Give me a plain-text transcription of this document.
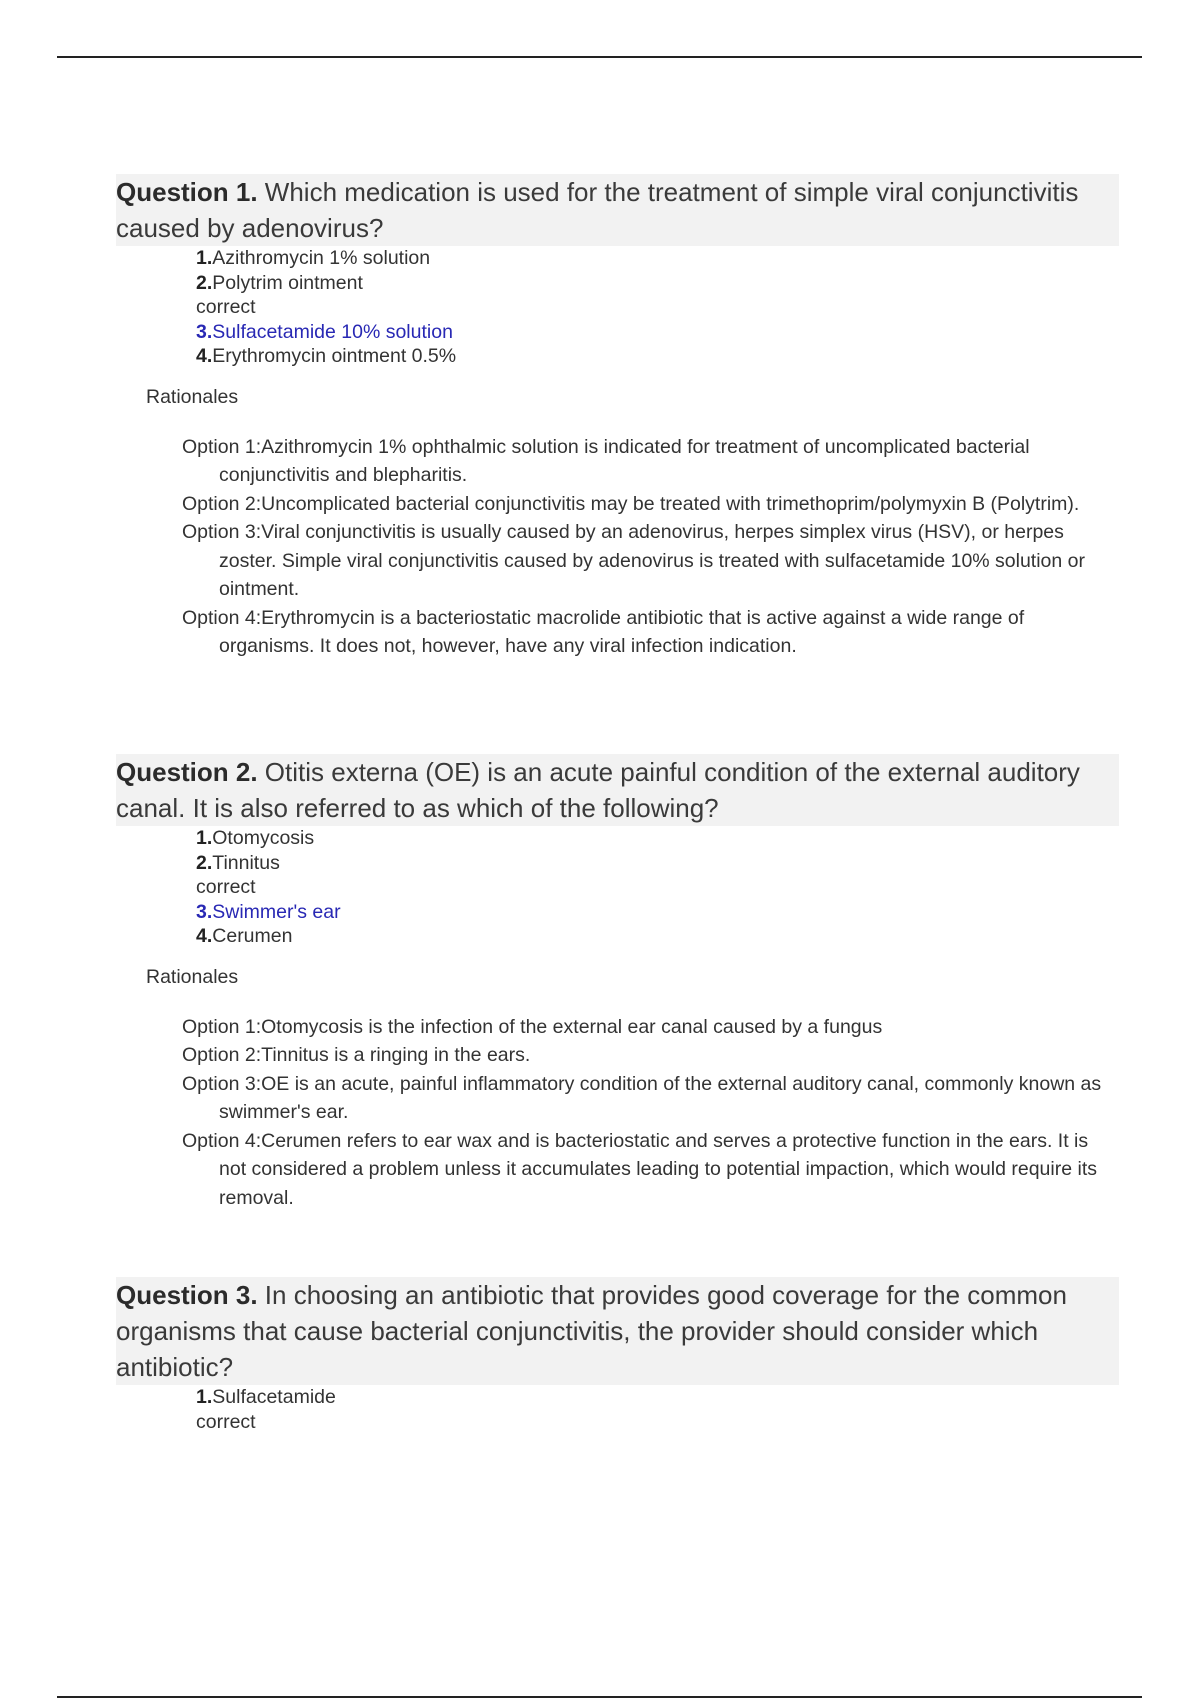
Question 1. Which medication is used for the treatment of simple viral conjunctivitis caused by adenovirus?
1.Azithromycin 1% solution
2.Polytrim ointment
correct
3.Sulfacetamide 10% solution
4.Erythromycin ointment 0.5%
Rationales
Option 1:Azithromycin 1% ophthalmic solution is indicated for treatment of uncomplicated bacterial conjunctivitis and blepharitis.
Option 2:Uncomplicated bacterial conjunctivitis may be treated with trimethoprim/polymyxin B (Polytrim).
Option 3:Viral conjunctivitis is usually caused by an adenovirus, herpes simplex virus (HSV), or herpes zoster. Simple viral conjunctivitis caused by adenovirus is treated with sulfacetamide 10% solution or ointment.
Option 4:Erythromycin is a bacteriostatic macrolide antibiotic that is active against a wide range of organisms. It does not, however, have any viral infection indication.
Question 2. Otitis externa (OE) is an acute painful condition of the external auditory canal. It is also referred to as which of the following?
1.Otomycosis
2.Tinnitus
correct
3.Swimmer's ear
4.Cerumen
Rationales
Option 1:Otomycosis is the infection of the external ear canal caused by a fungus
Option 2:Tinnitus is a ringing in the ears.
Option 3:OE is an acute, painful inflammatory condition of the external auditory canal, commonly known as swimmer's ear.
Option 4:Cerumen refers to ear wax and is bacteriostatic and serves a protective function in the ears. It is not considered a problem unless it accumulates leading to potential impaction, which would require its removal.
Question 3. In choosing an antibiotic that provides good coverage for the common organisms that cause bacterial conjunctivitis, the provider should consider which antibiotic?
1.Sulfacetamide
correct
